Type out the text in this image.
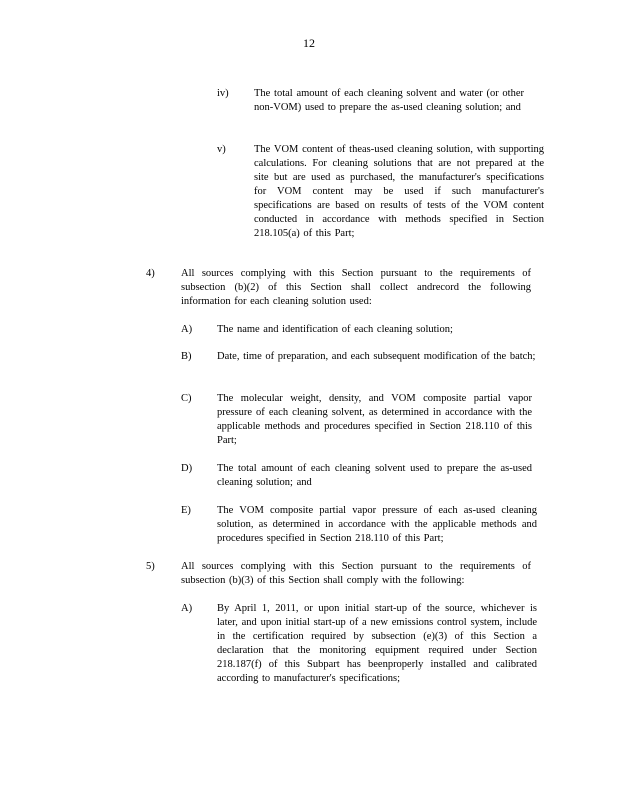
12
iv) The total amount of each cleaning solvent and water (or other non-VOM) used to prepare the as-used cleaning solution; and
v)	The VOM content of theas-used cleaning solution, with supporting calculations. For cleaning solutions that are not prepared at the site but are used as purchased, the manufacturer's specifications for VOM content may be used if such manufacturer's specifications are based on results of tests of the VOM content conducted in accordance with methods specified in Section 218.105(a) of this Part;
4)	All sources complying with this Section pursuant to the requirements of subsection (b)(2) of this Section shall collect andrecord the following information for each cleaning solution used:
A) The name and identification of each cleaning solution;
B) Date, time of preparation, and each subsequent modification of the batch;
C) The molecular weight, density, and VOM composite partial vapor pressure of each cleaning solvent, as determined in accordance with the applicable methods and procedures specified in Section 218.110 of this Part;
D) The total amount of each cleaning solvent used to prepare the as-used cleaning solution; and
E) The VOM composite partial vapor pressure of each as-used cleaning solution, as determined in accordance with the applicable methods and procedures specified in Section 218.110 of this Part;
5)	All sources complying with this Section pursuant to the requirements of subsection (b)(3) of this Section shall comply with the following:
A) By April 1, 2011, or upon initial start-up of the source, whichever is later, and upon initial start-up of a new emissions control system, include in the certification required by subsection (e)(3) of this Section a declaration that the monitoring equipment required under Section 218.187(f) of this Subpart has beenproperly installed and calibrated according to manufacturer's specifications;
